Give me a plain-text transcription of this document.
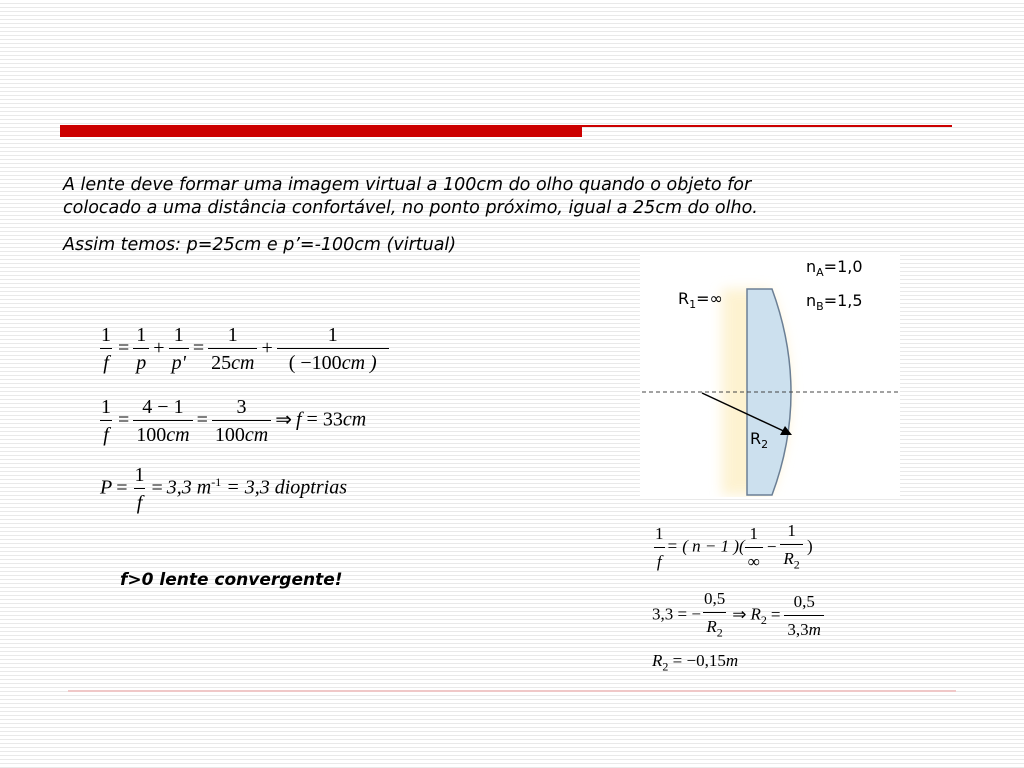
A lente deve formar uma imagem virtual a 100cm do olho quando o objeto for
colocado a uma distância confortável, no ponto próximo, igual a 25cm do olho.
Assim temos: p=25cm e p’=-100cm (virtual)
$n_A=1,0$
$n_B=1,5$
$R_1=\infty$
$R_2$
$\frac{1}{f} = \frac{1}{p} + \frac{1}{p'} = \frac{1}{25cm} + \frac{1}{( -100cm )}$
$\frac{1}{f} = \frac{4 - 1}{100cm} = \frac{3}{100cm}$ ⇒ f = 33cm
$P = \frac{1}{f} = 3,3$ $m^{-1} = 3,3$ dioptrias
f>0 lente convergente!
$\frac{1}{f}$ = ( n − 1 )( $\frac{1}{\infty} - \frac{1}{R_2}$ )
3,3 = − $\frac{0,5}{R_2}$ ⇒ $R_2 = \frac{0,5}{3,3m}$
$R_2 = -0,15m$
